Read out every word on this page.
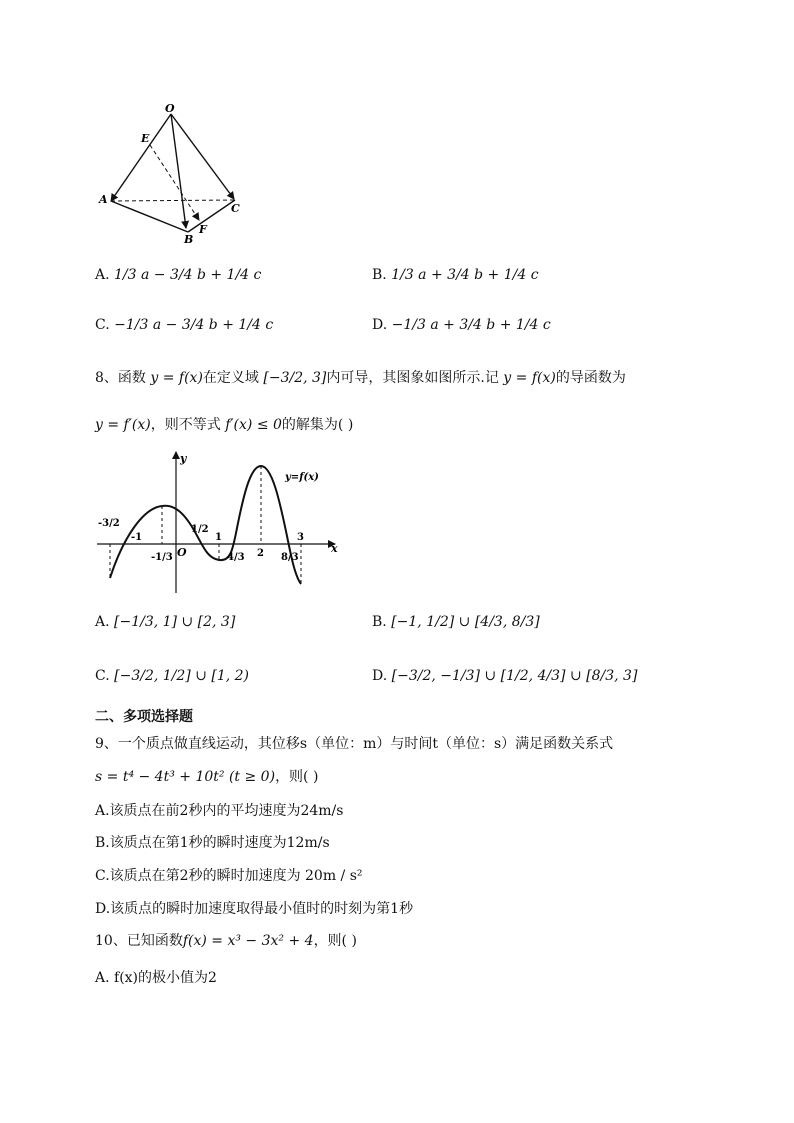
O
E
A
B
C
F
A. 1/3 a − 3/4 b + 1/4 c	B. 1/3 a + 3/4 b + 1/4 c
C. −1/3 a − 3/4 b + 1/4 c	D. −1/3 a + 3/4 b + 1/4 c
8、函数 y = f(x)在定义域 [−3/2, 3]内可导，其图象如图所示.记 y = f(x)的导函数为
y = f′(x)，则不等式 f′(x) ≤ 0的解集为( )
y
x
y=f(x)
O
-3/2
-1
-1/3
1/2
1
4/3 2 8/3
3
A. [−1/3, 1] ∪ [2, 3]	B. [−1, 1/2] ∪ [4/3, 8/3]
C. [−3/2, 1/2] ∪ [1, 2)	D. [−3/2, −1/3] ∪ [1/2, 4/3] ∪ [8/3, 3]
二、多项选择题
9、一个质点做直线运动，其位移s（单位：m）与时间t（单位：s）满足函数关系式
s = t⁴ − 4t³ + 10t² (t ≥ 0)，则( )
A.该质点在前2秒内的平均速度为24m/s
B.该质点在第1秒的瞬时速度为12m/s
C.该质点在第2秒的瞬时加速度为 20m / s²
D.该质点的瞬时加速度取得最小值时的时刻为第1秒
10、已知函数f(x) = x³ − 3x² + 4，则( )
A. f(x)的极小值为2
